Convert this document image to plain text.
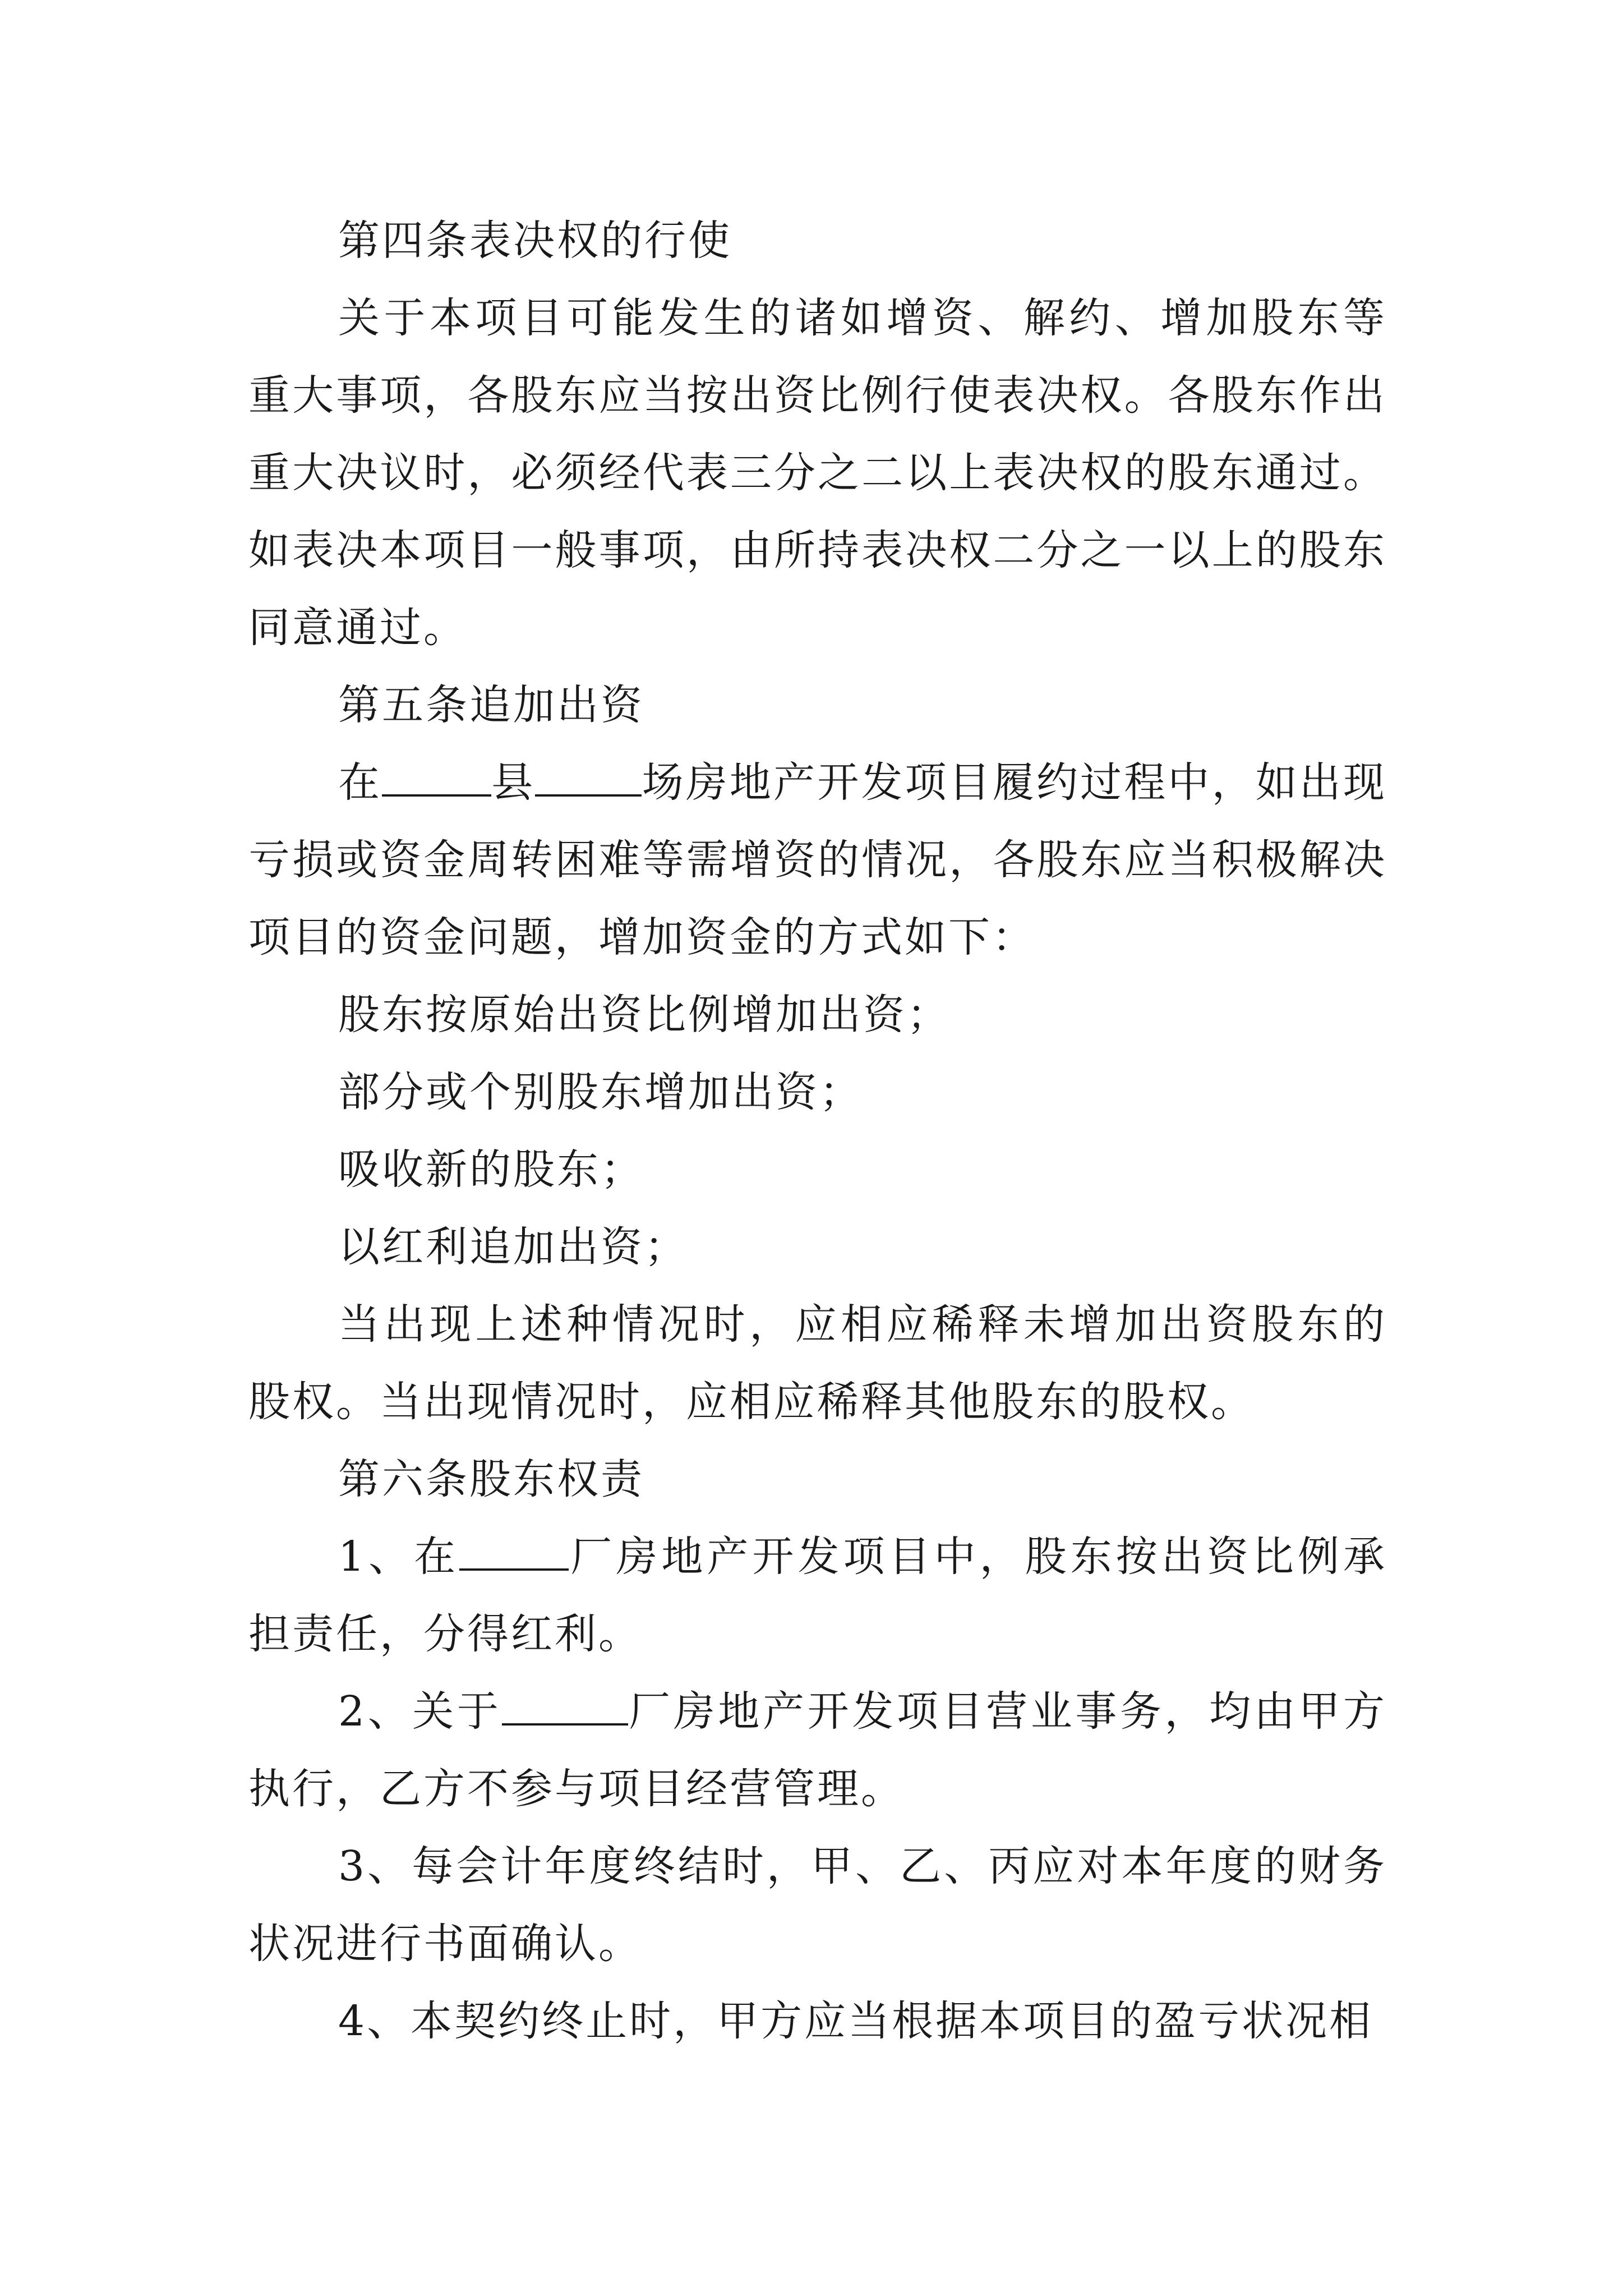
第四条表决权的行使

关于本项目可能发生的诸如增资、解约、增加股东等重大事项，各股东应当按出资比例行使表决权。各股东作出重大决议时，必须经代表三分之二以上表决权的股东通过。如表决本项目一般事项，由所持表决权二分之一以上的股东同意通过。

第五条追加出资

在	县	场房地产开发项目履约过程中，如出现亏损或资金周转困难等需增资的情况，各股东应当积极解决项目的资金问题，增加资金的方式如下：

股东按原始出资比例增加出资；

部分或个别股东增加出资；

吸收新的股东；

以红利追加出资；

当出现上述种情况时，应相应稀释未增加出资股东的股权。当出现情况时，应相应稀释其他股东的股权。

第六条股东权责

1、在	厂房地产开发项目中，股东按出资比例承担责任，分得红利。

2、关于	厂房地产开发项目营业事务，均由甲方执行，乙方不参与项目经营管理。

3、每会计年度终结时，甲、乙、丙应对本年度的财务状况进行书面确认。

4、本契约终止时，甲方应当根据本项目的盈亏状况相
